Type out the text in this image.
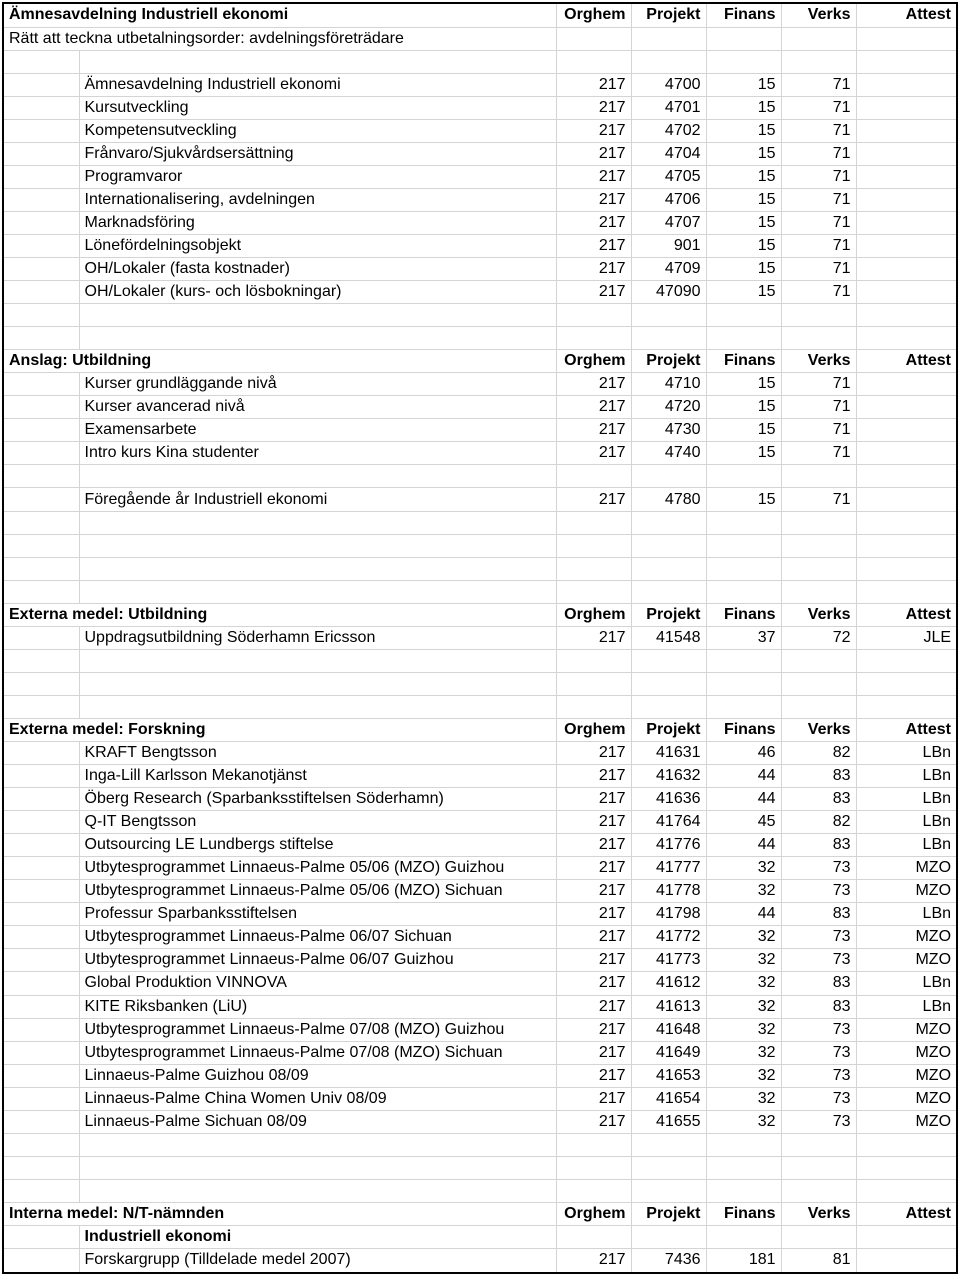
Ämnesavdelning Industriell ekonomi		Orghem	Projekt	Finans	Verks	Attest
Rätt att teckna utbetalningsorder: avdelningsföreträdare						

	Ämnesavdelning Industriell ekonomi	217	4700	15	71	
	Kursutveckling	217	4701	15	71	
	Kompetensutveckling	217	4702	15	71	
	Frånvaro/Sjukvårdsersättning	217	4704	15	71	
	Programvaror	217	4705	15	71	
	Internationalisering, avdelningen	217	4706	15	71	
	Marknadsföring	217	4707	15	71	
	Lönefördelningsobjekt	217	901	15	71	
	OH/Lokaler (fasta kostnader)	217	4709	15	71	
	OH/Lokaler (kurs- och lösbokningar)	217	47090	15	71	

Anslag: Utbildning		Orghem	Projekt	Finans	Verks	Attest
	Kurser grundläggande nivå	217	4710	15	71	
	Kurser avancerad nivå	217	4720	15	71	
	Examensarbete	217	4730	15	71	
	Intro kurs Kina studenter	217	4740	15	71	

	Föregående år Industriell ekonomi	217	4780	15	71	

Externa medel: Utbildning		Orghem	Projekt	Finans	Verks	Attest
	Uppdragsutbildning Söderhamn Ericsson	217	41548	37	72	JLE

Externa medel: Forskning		Orghem	Projekt	Finans	Verks	Attest
	KRAFT Bengtsson	217	41631	46	82	LBn
	Inga-Lill Karlsson Mekanotjänst	217	41632	44	83	LBn
	Öberg Research (Sparbanksstiftelsen Söderhamn)	217	41636	44	83	LBn
	Q-IT Bengtsson	217	41764	45	82	LBn
	Outsourcing LE Lundbergs stiftelse	217	41776	44	83	LBn
	Utbytesprogrammet Linnaeus-Palme 05/06 (MZO) Guizhou	217	41777	32	73	MZO
	Utbytesprogrammet Linnaeus-Palme 05/06 (MZO) Sichuan	217	41778	32	73	MZO
	Professur Sparbanksstiftelsen	217	41798	44	83	LBn
	Utbytesprogrammet Linnaeus-Palme 06/07 Sichuan	217	41772	32	73	MZO
	Utbytesprogrammet Linnaeus-Palme 06/07 Guizhou	217	41773	32	73	MZO
	Global Produktion VINNOVA	217	41612	32	83	LBn
	KITE Riksbanken (LiU)	217	41613	32	83	LBn
	Utbytesprogrammet Linnaeus-Palme 07/08 (MZO) Guizhou	217	41648	32	73	MZO
	Utbytesprogrammet Linnaeus-Palme 07/08 (MZO) Sichuan	217	41649	32	73	MZO
	Linnaeus-Palme Guizhou 08/09	217	41653	32	73	MZO
	Linnaeus-Palme China Women Univ 08/09	217	41654	32	73	MZO
	Linnaeus-Palme Sichuan 08/09	217	41655	32	73	MZO

Interna medel: N/T-nämnden		Orghem	Projekt	Finans	Verks	Attest
	Industriell ekonomi					
	Forskargrupp (Tilldelade medel 2007)	217	7436	181	81	
